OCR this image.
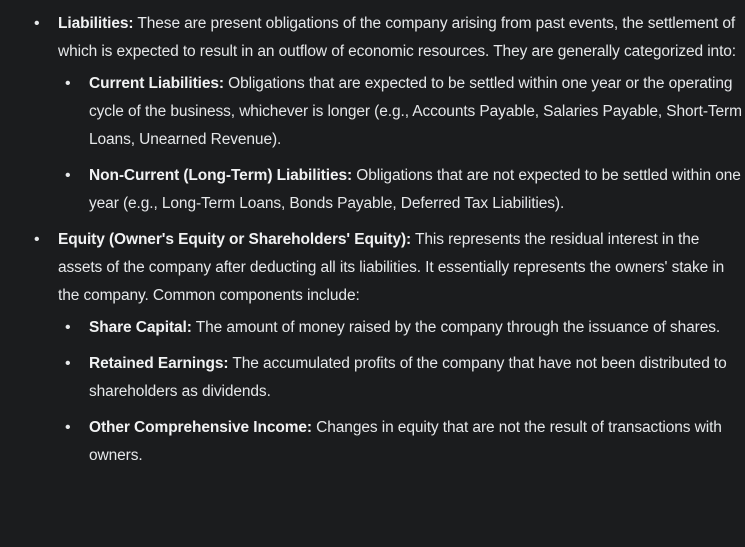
• Liabilities: These are present obligations of the company arising from past events, the settlement of which is expected to result in an outflow of economic resources. They are generally categorized into:
• Current Liabilities: Obligations that are expected to be settled within one year or the operating cycle of the business, whichever is longer (e.g., Accounts Payable, Salaries Payable, Short-Term Loans, Unearned Revenue).
• Non-Current (Long-Term) Liabilities: Obligations that are not expected to be settled within one year (e.g., Long-Term Loans, Bonds Payable, Deferred Tax Liabilities).
• Equity (Owner's Equity or Shareholders' Equity): This represents the residual interest in the assets of the company after deducting all its liabilities. It essentially represents the owners' stake in the company. Common components include:
• Share Capital: The amount of money raised by the company through the issuance of shares.
• Retained Earnings: The accumulated profits of the company that have not been distributed to shareholders as dividends.
• Other Comprehensive Income: Changes in equity that are not the result of transactions with owners.
